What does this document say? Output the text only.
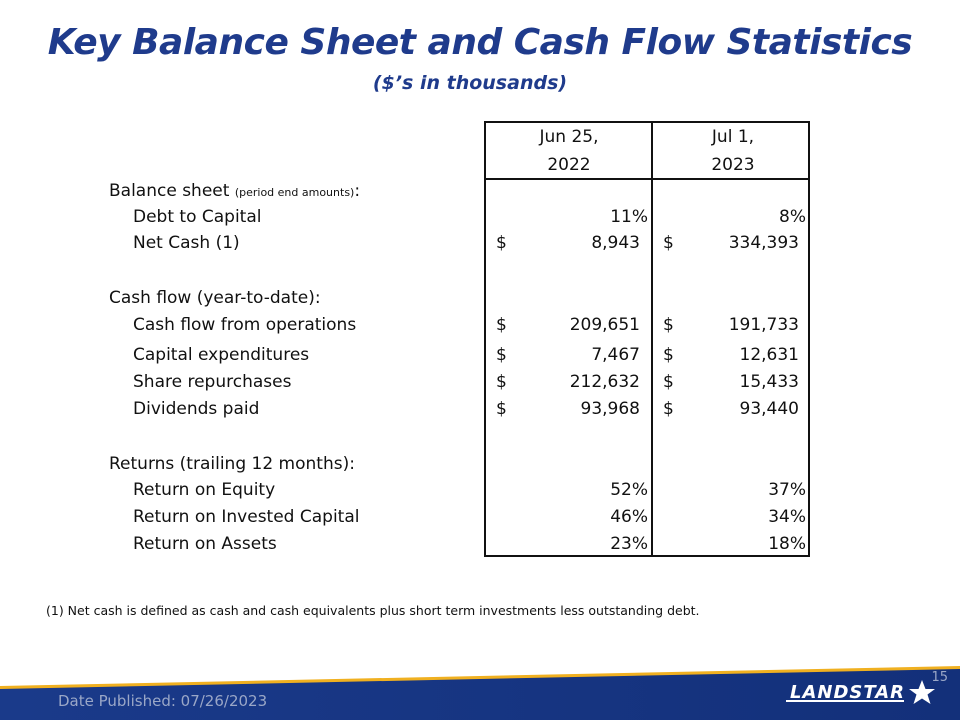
Key Balance Sheet and Cash Flow Statistics
($’s in thousands)
Jun 25,
2022
Jul 1,
2023
Balance sheet (period end amounts):
Debt to Capital	11%	8%
Net Cash (1)	$	8,943 $	334,393
Cash flow (year-to-date):
Cash flow from operations	$	209,651 $	191,733
Capital expenditures	$	7,467 $	12,631
Share repurchases	$	212,632 $	15,433
Dividends paid	$	93,968 $	93,440
Returns (trailing 12 months):
Return on Equity	52%	37%
Return on Invested Capital	46%	34%
Return on Assets	23%	18%
(1) Net cash is defined as cash and cash equivalents plus short term investments less outstanding debt.
Date Published: 07/26/2023
15
LANDSTAR
